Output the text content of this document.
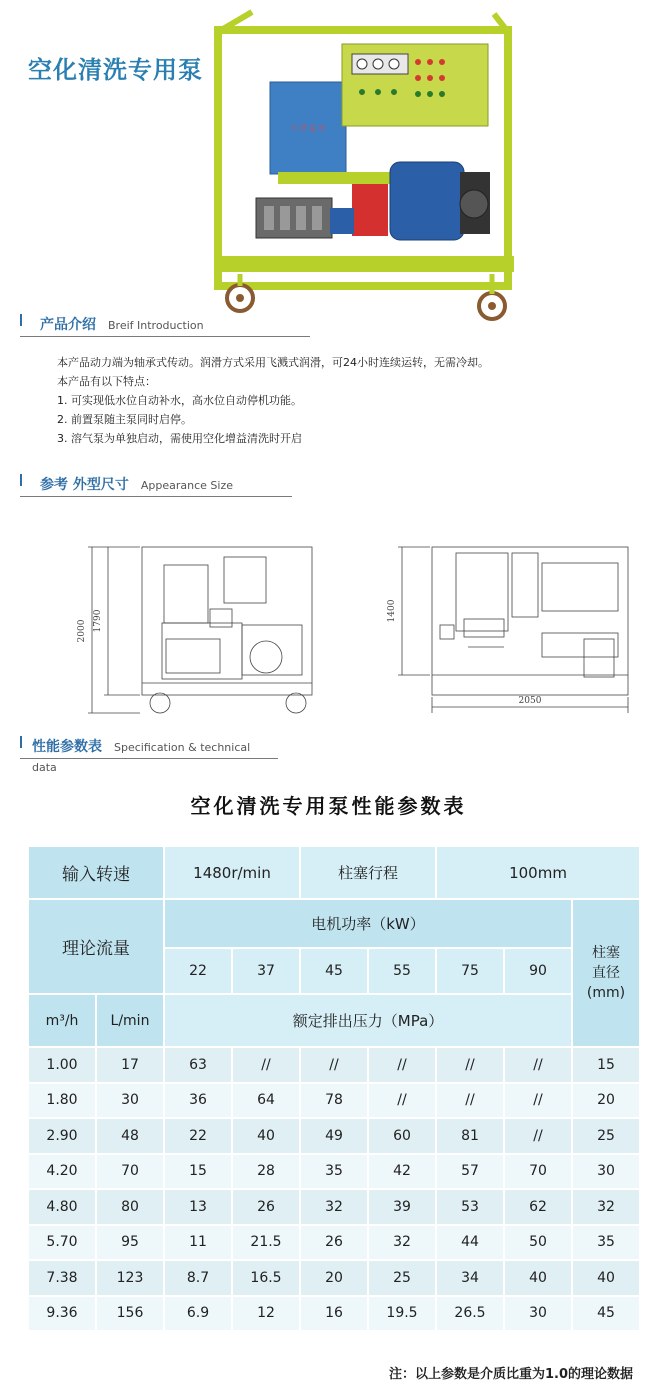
空化清洗专用泵
大 济 益 社
产品介绍 Breif Introduction

本产品动力端为轴承式传动。润滑方式采用飞溅式润滑，可24小时连续运转，无需冷却。

本产品有以下特点：

1. 可实现低水位自动补水，高水位自动停机功能。

2. 前置泵随主泵同时启停。

3. 溶气泵为单独启动，需使用空化增益清洗时开启

参考 外型尺寸 Appearance Size
2000 1790	1400
2050
性能参数表 Specification & technical data
空化清洗专用泵性能参数表
输入转速		1480r/min		柱塞行程		100mm		
理论流量		电机功率（kW）						柱塞
直径
(mm)
		22	37	45	55	75	90	
m³/h	L/min	额定排出压力（MPa）						
1.00	17	63	//	//	//	//	//	15
1.80	30	36	64	78	//	//	//	20
2.90	48	22	40	49	60	81	//	25
4.20	70	15	28	35	42	57	70	30
4.80	80	13	26	32	39	53	62	32
5.70	95	11	21.5	26	32	44	50	35
7.38	123	8.7	16.5	20	25	34	40	40
9.36	156	6.9	12	16	19.5	26.5	30	45
注：以上参数是介质比重为1.0的理论数据
